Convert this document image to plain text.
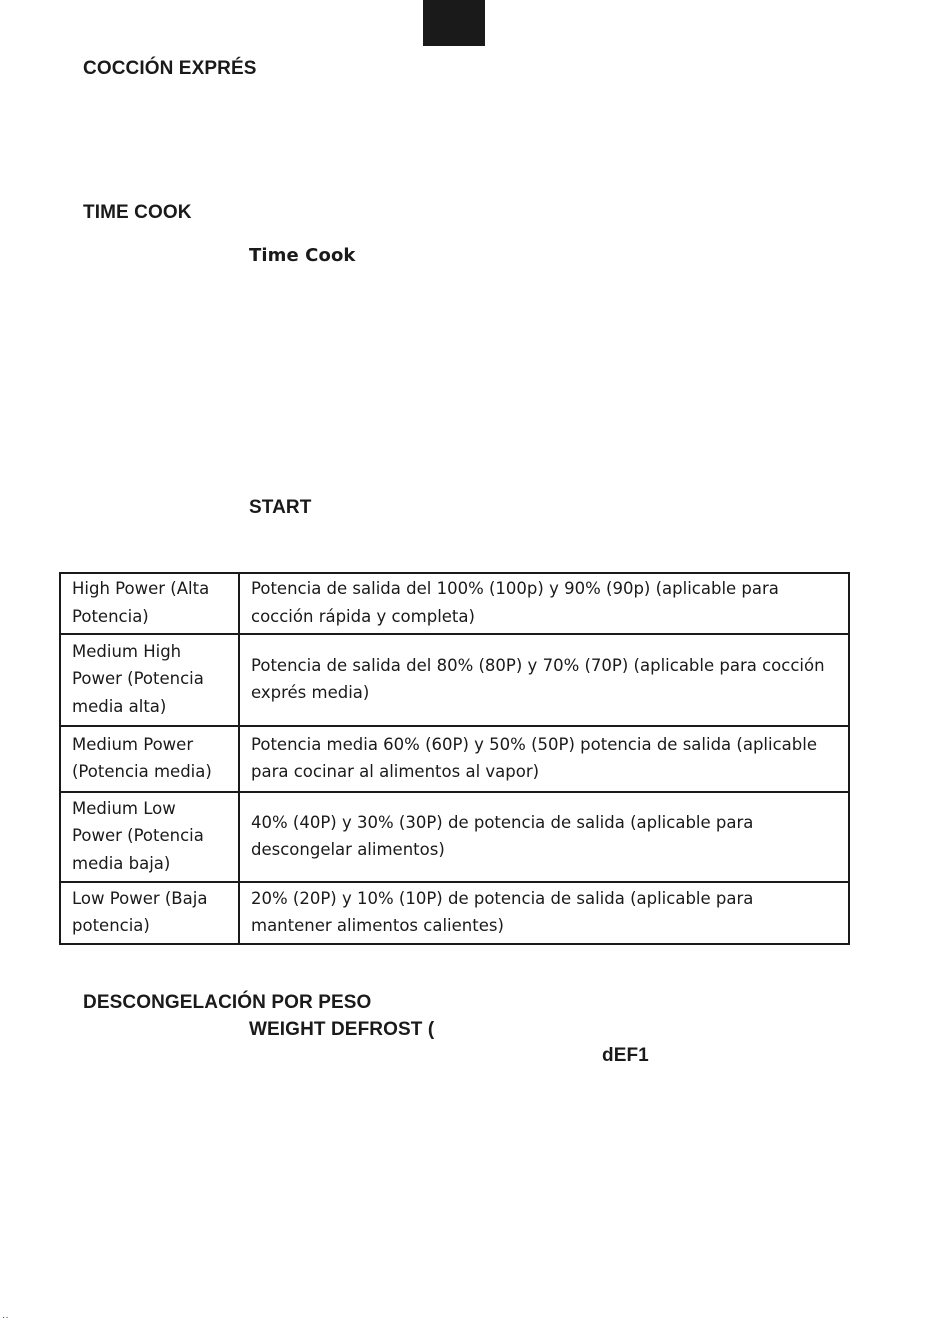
COCCIÓN EXPRÉS
TIME COOK
Time Cook
START
High Power (Alta Potencia)	Potencia de salida del 100% (100p) y 90% (90p) (aplicable para cocción rápida y completa)
Medium High Power (Potencia media alta)	Potencia de salida del 80% (80P) y 70% (70P) (aplicable para cocción exprés media)
Medium Power (Potencia media)	Potencia media 60% (60P) y 50% (50P) potencia de salida (aplicable para cocinar al alimentos al vapor)
Medium Low Power (Potencia media baja)	40% (40P) y 30% (30P) de potencia de salida (aplicable para descongelar alimentos)
Low Power (Baja potencia)	20% (20P) y 10% (10P) de potencia de salida (aplicable para mantener alimentos calientes)
DESCONGELACIÓN POR PESO
WEIGHT DEFROST (
dEF1
··
